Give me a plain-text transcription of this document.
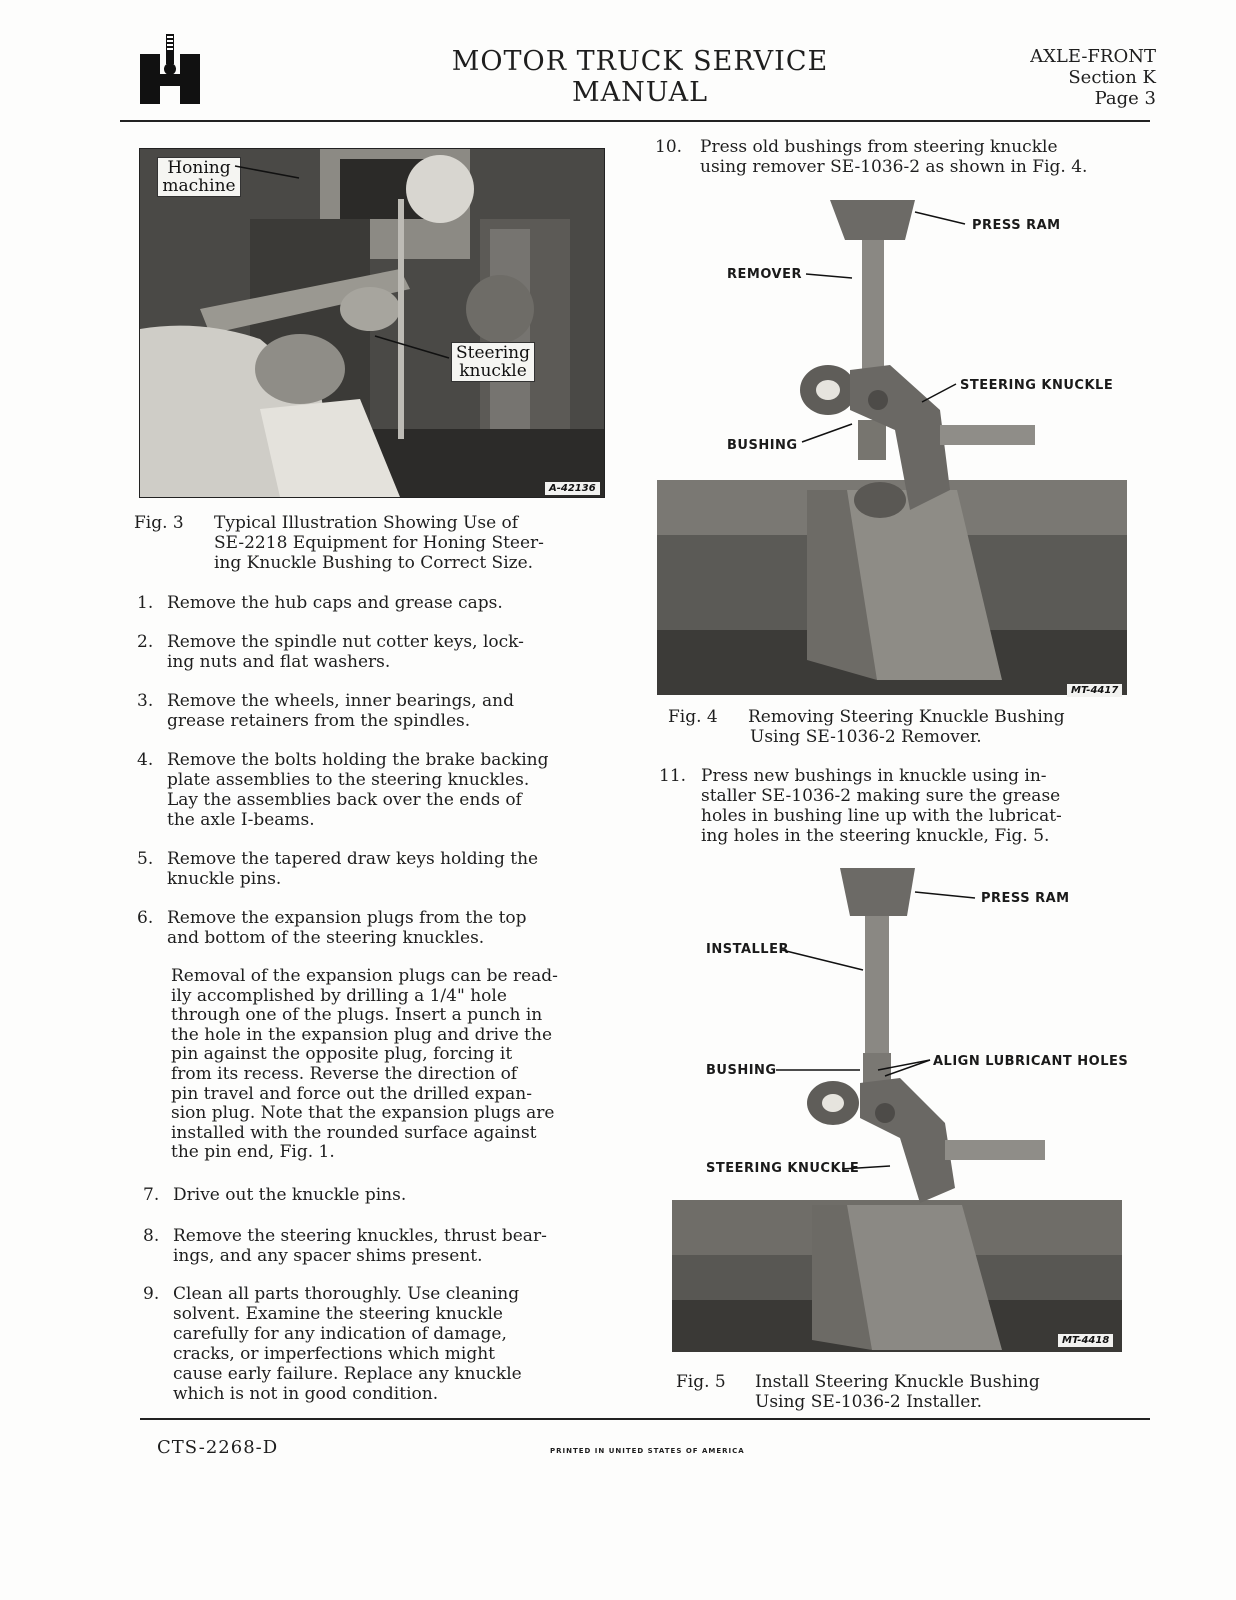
MOTOR TRUCK SERVICE MANUAL
AXLE-FRONT
Section K
Page 3
Honing
machine
Steering
knuckle
A-42136
Fig. 3 Typical Illustration Showing Use of
SE-2218 Equipment for Honing Steer-
ing Knuckle Bushing to Correct Size.
1. Remove the hub caps and grease caps.
2. Remove the spindle nut cotter keys, lock-
ing nuts and flat washers.
3. Remove the wheels, inner bearings, and
grease retainers from the spindles.
4. Remove the bolts holding the brake backing
plate assemblies to the steering knuckles.
Lay the assemblies back over the ends of
the axle I-beams.
5. Remove the tapered draw keys holding the
knuckle pins.
6. Remove the expansion plugs from the top
and bottom of the steering knuckles.
Removal of the expansion plugs can be read-
ily accomplished by drilling a 1/4" hole
through one of the plugs. Insert a punch in
the hole in the expansion plug and drive the
pin against the opposite plug, forcing it
from its recess. Reverse the direction of
pin travel and force out the drilled expan-
sion plug. Note that the expansion plugs are
installed with the rounded surface against
the pin end, Fig. 1.
7. Drive out the knuckle pins.
8. Remove the steering knuckles, thrust bear-
ings, and any spacer shims present.
9. Clean all parts thoroughly. Use cleaning
solvent. Examine the steering knuckle
carefully for any indication of damage,
cracks, or imperfections which might
cause early failure. Replace any knuckle
which is not in good condition.
10. Press old bushings from steering knuckle
using remover SE-1036-2 as shown in Fig. 4.
PRESS RAM
REMOVER
STEERING KNUCKLE
BUSHING
MT-4417
Fig. 4 Removing Steering Knuckle Bushing
Using SE-1036-2 Remover.
11. Press new bushings in knuckle using in-
staller SE-1036-2 making sure the grease
holes in bushing line up with the lubricat-
ing holes in the steering knuckle, Fig. 5.
PRESS RAM
INSTALLER
ALIGN LUBRICANT HOLES
BUSHING
STEERING KNUCKLE
MT-4418
Fig. 5 Install Steering Knuckle Bushing
Using SE-1036-2 Installer.
CTS-2268-D	PRINTED IN UNITED STATES OF AMERICA
